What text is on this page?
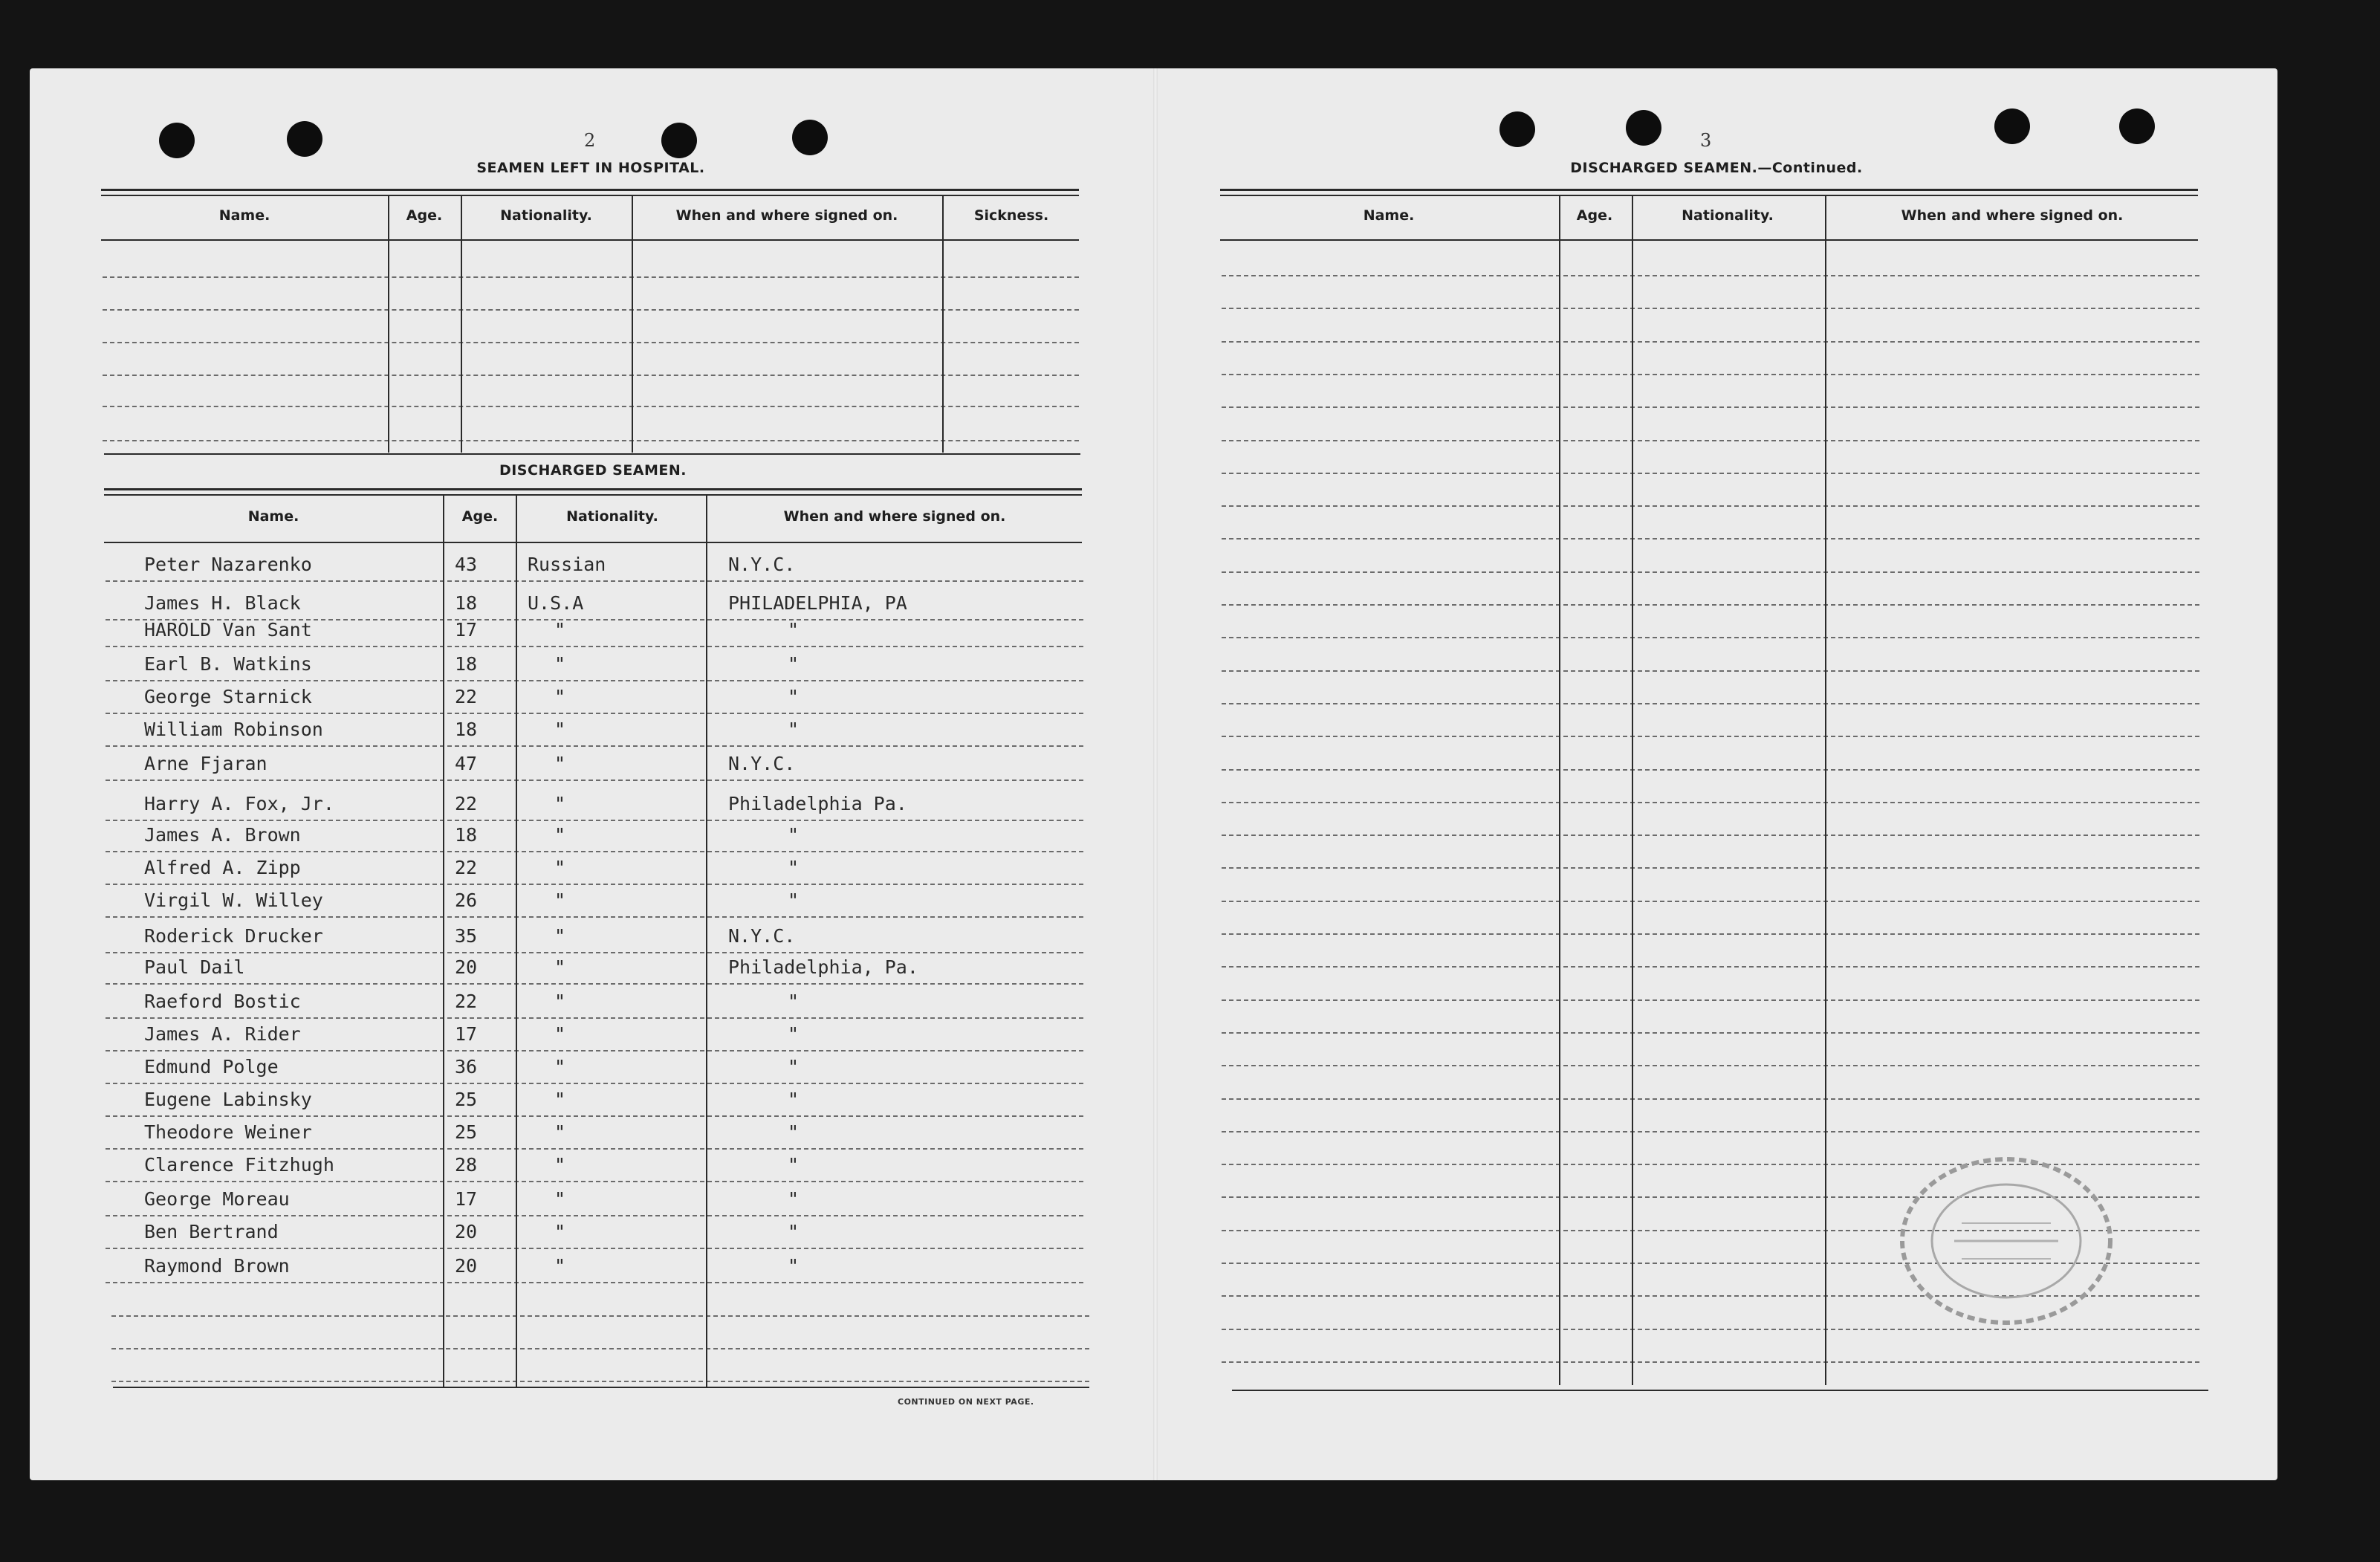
2
SEAMEN LEFT IN HOSPITAL.
Name.	Age.	Nationality.	When and where signed on.	Sickness.
DISCHARGED SEAMEN.
Name.	Age.	Nationality.	When and where signed on.
Peter Nazarenko	43	Russian	N.Y.C.
James H. Black	18	U.S.A	PHILADELPHIA, PA
HAROLD Van Sant	17	"	"
Earl B. Watkins	18	"	"
George Starnick	22	"	"
William Robinson	18	"	"
Arne Fjaran	47	"	N.Y.C.
Harry A. Fox, Jr.	22	"	Philadelphia Pa.
James A. Brown	18	"	"
Alfred A. Zipp	22	"	"
Virgil W. Willey	26	"	"
Roderick Drucker	35	"	N.Y.C.
Paul Dail	20	"	Philadelphia, Pa.
Raeford Bostic	22	"	"
James A. Rider	17	"	"
Edmund Polge	36	"	"
Eugene Labinsky	25	"	"
Theodore Weiner	25	"	"
Clarence Fitzhugh	28	"	"
George Moreau	17	"	"
Ben Bertrand	20	"	"
Raymond Brown	20	"	"
CONTINUED ON NEXT PAGE.
3
DISCHARGED SEAMEN.—Continued.
Name.	Age.	Nationality.	When and where signed on.
